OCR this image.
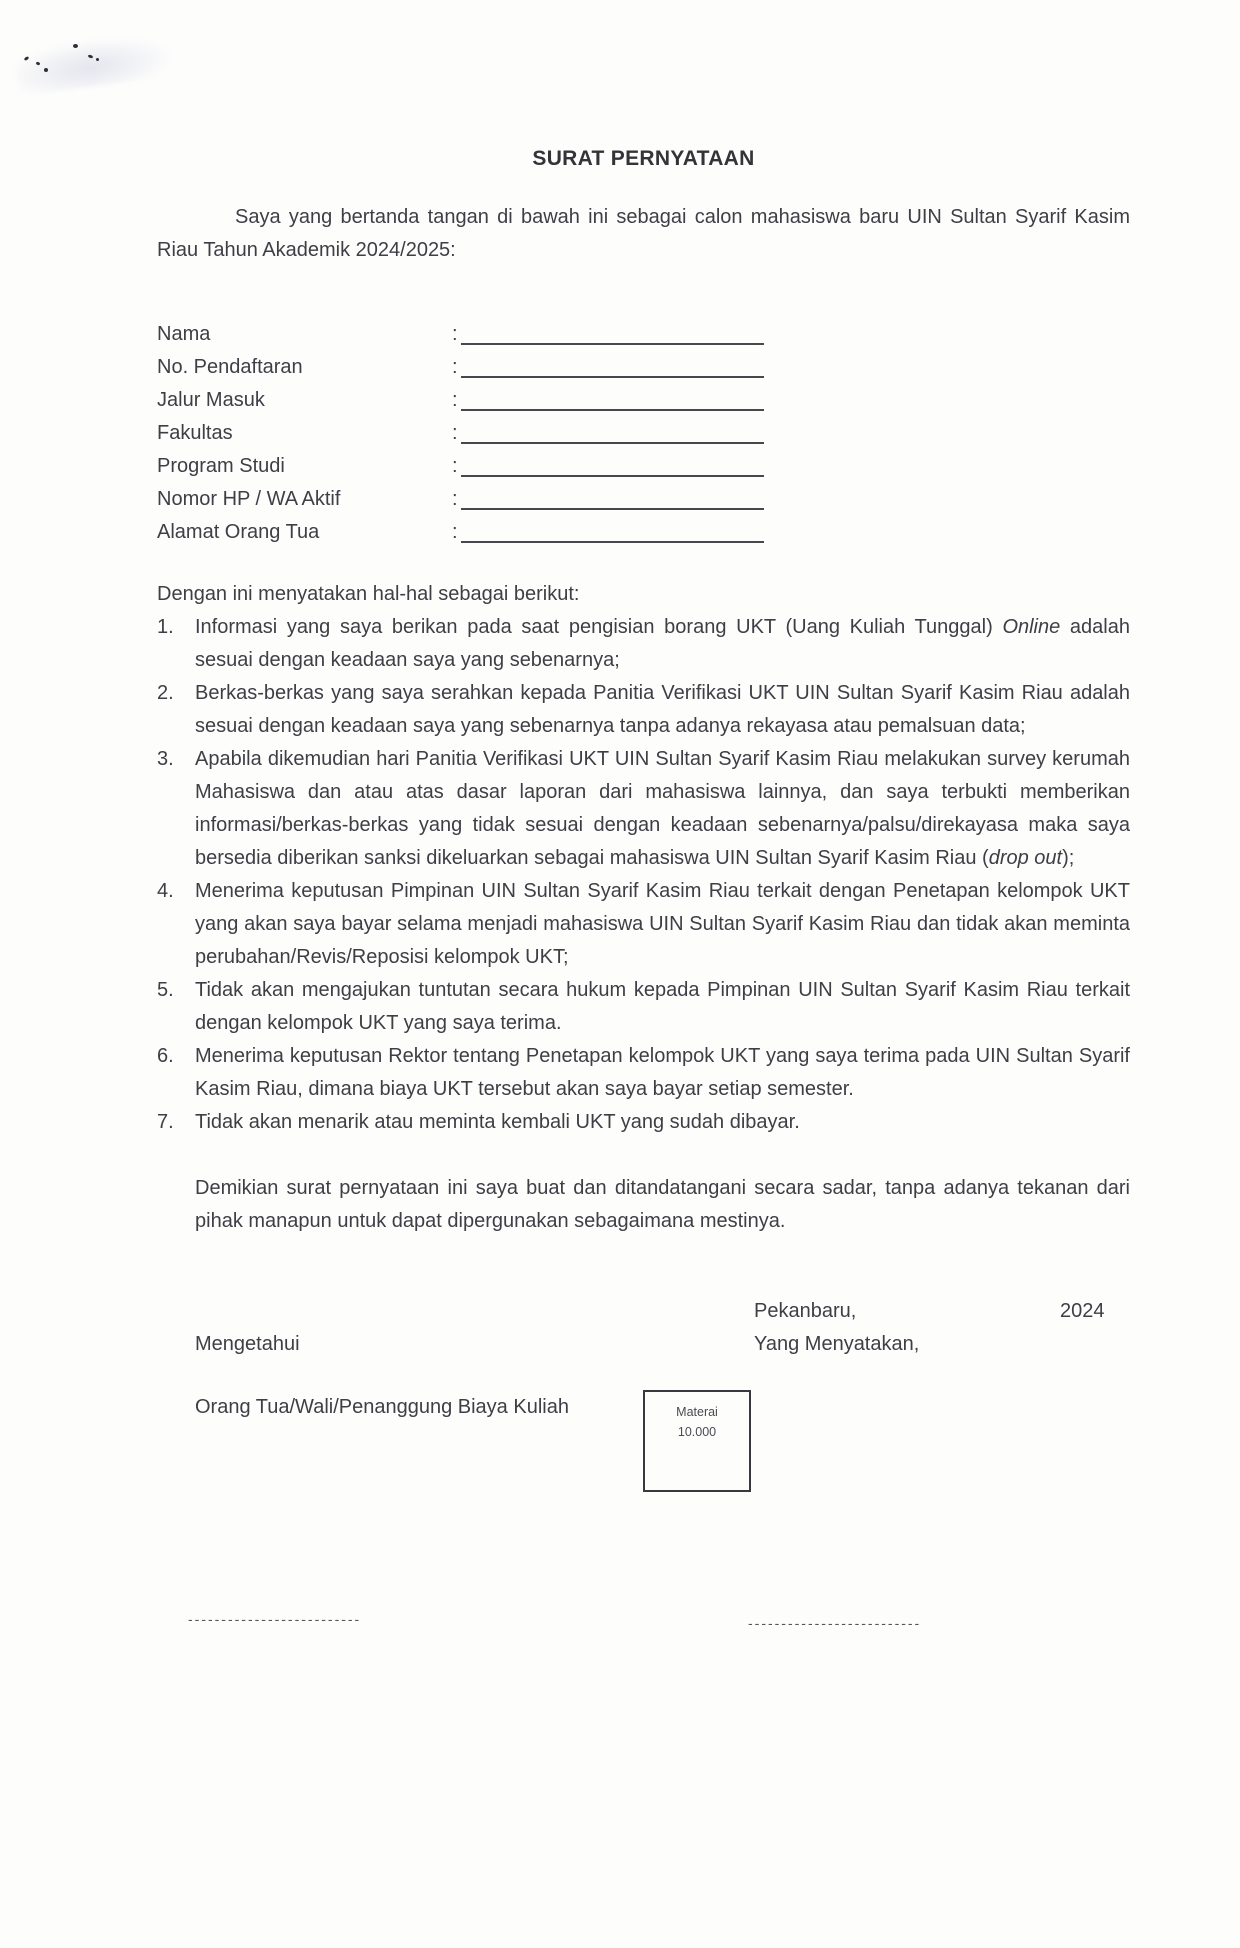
SURAT PERNYATAAN
Saya yang bertanda tangan di bawah ini sebagai calon mahasiswa baru UIN Sultan Syarif Kasim Riau Tahun Akademik 2024/2025:
Nama	:
No. Pendaftaran	:
Jalur Masuk	:
Fakultas	:
Program Studi	:
Nomor HP / WA Aktif	:
Alamat Orang Tua	:
Dengan ini menyatakan hal-hal sebagai berikut:
1.	Informasi yang saya berikan pada saat pengisian borang UKT (Uang Kuliah Tunggal) Online adalah sesuai dengan keadaan saya yang sebenarnya;
2.	Berkas-berkas yang saya serahkan kepada Panitia Verifikasi UKT UIN Sultan Syarif Kasim Riau adalah sesuai dengan keadaan saya yang sebenarnya tanpa adanya rekayasa atau pemalsuan data;
3.	Apabila dikemudian hari Panitia Verifikasi UKT UIN Sultan Syarif Kasim Riau melakukan survey kerumah Mahasiswa dan atau atas dasar laporan dari mahasiswa lainnya, dan saya terbukti memberikan informasi/berkas-berkas yang tidak sesuai dengan keadaan sebenarnya/palsu/direkayasa maka saya bersedia diberikan sanksi dikeluarkan sebagai mahasiswa UIN Sultan Syarif Kasim Riau (drop out);
4.	Menerima keputusan Pimpinan UIN Sultan Syarif Kasim Riau terkait dengan Penetapan kelompok UKT yang akan saya bayar selama menjadi mahasiswa UIN Sultan Syarif Kasim Riau dan tidak akan meminta perubahan/Revis/Reposisi kelompok UKT;
5.	Tidak akan mengajukan tuntutan secara hukum kepada Pimpinan UIN Sultan Syarif Kasim Riau terkait dengan kelompok UKT yang saya terima.
6.	Menerima keputusan Rektor tentang Penetapan kelompok UKT yang saya terima pada UIN Sultan Syarif Kasim Riau, dimana biaya UKT tersebut akan saya bayar setiap semester.
7.	Tidak akan menarik atau meminta kembali UKT yang sudah dibayar.
Demikian surat pernyataan ini saya buat dan ditandatangani secara sadar, tanpa adanya tekanan dari pihak manapun untuk dapat dipergunakan sebagaimana mestinya.
Pekanbaru,	2024
Mengetahui	Yang Menyatakan,
Orang Tua/Wali/Penanggung Biaya Kuliah	Materai
10.000
--------------------------	--------------------------
